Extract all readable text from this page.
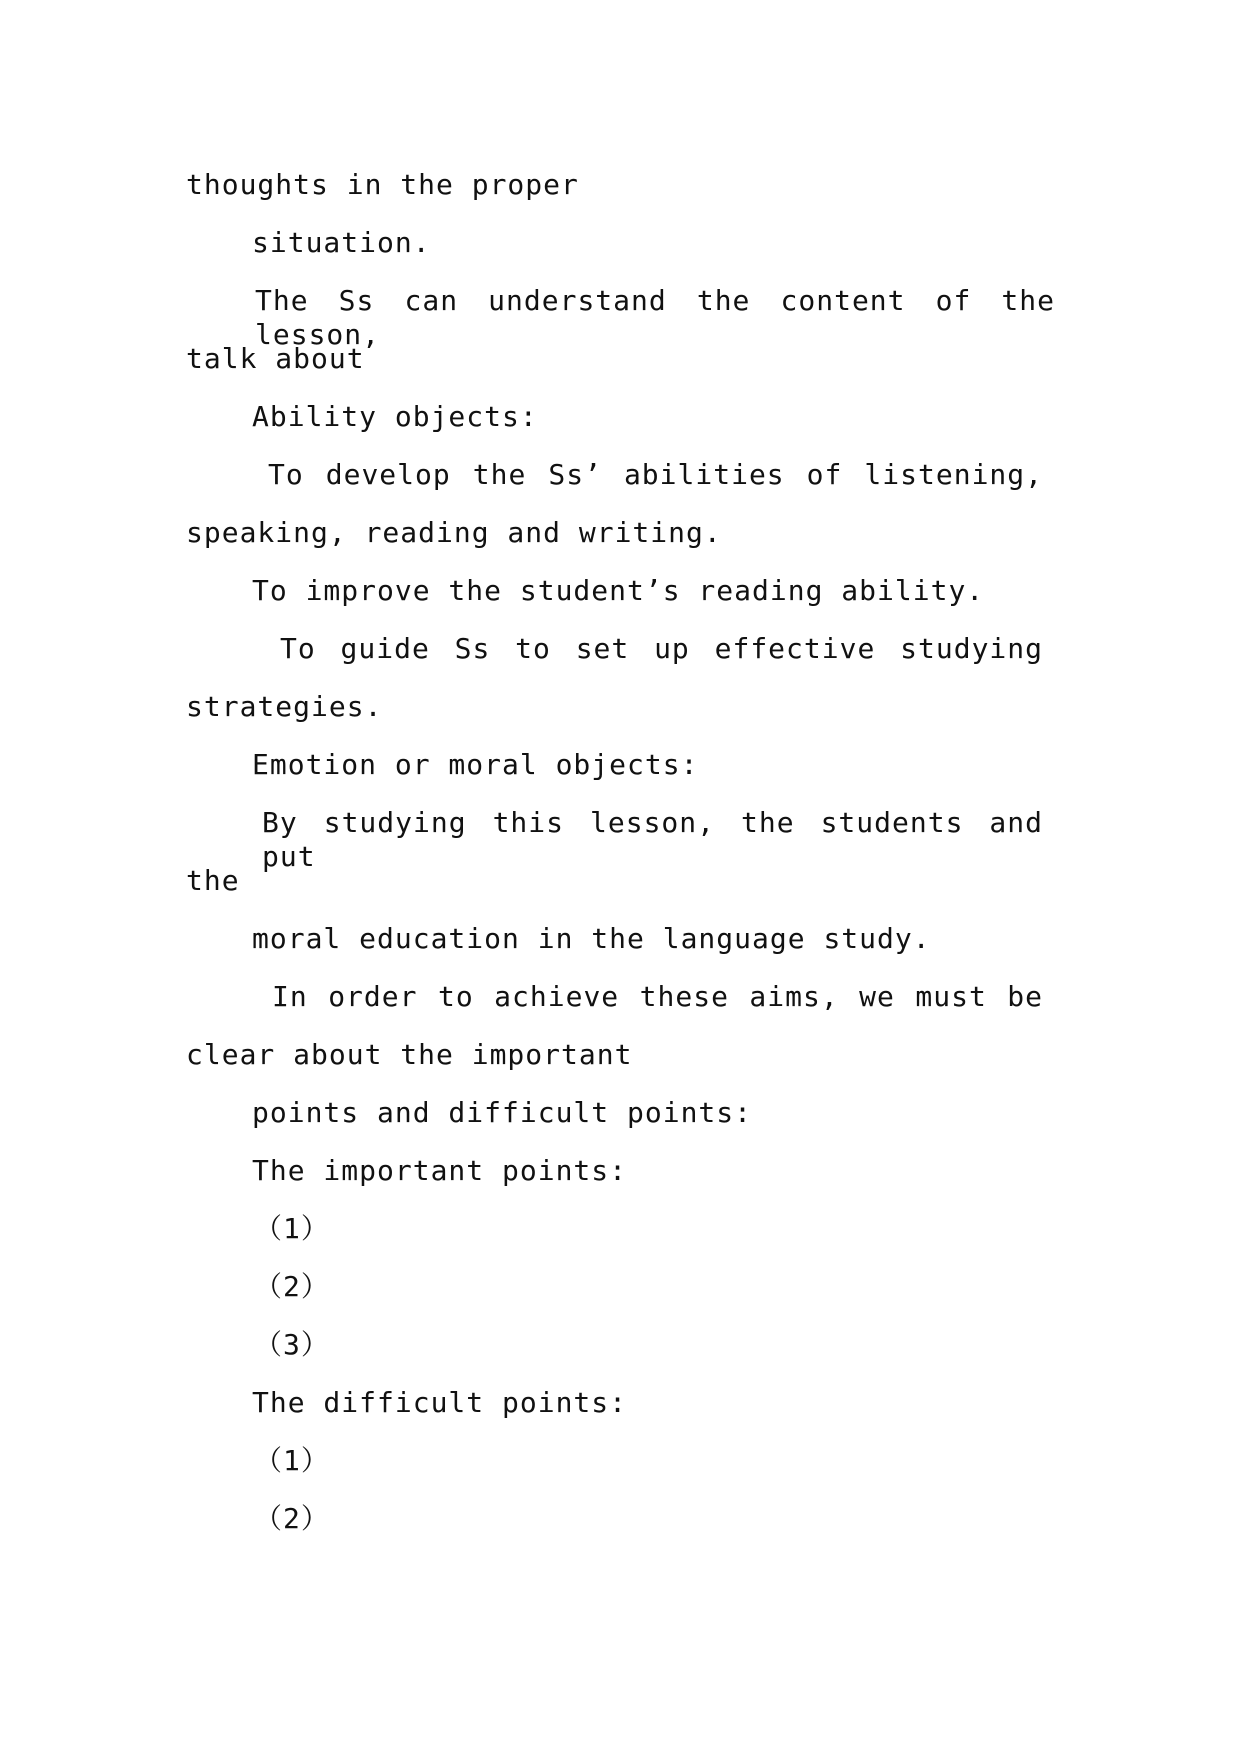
thoughts in the proper
situation.
The Ss can understand the content of the lesson,
talk about
Ability objects:
To develop the Ss’ abilities of listening,
speaking, reading and writing.
To improve the student’s reading ability.
To guide Ss to set up effective studying
strategies.
Emotion or moral objects:
By studying this lesson, the students and put
the
moral education in the language study.
In order to achieve these aims, we must be
clear about the important
points and difficult points:
The important points:
（1）
（2）
（3）
The difficult points:
（1）
（2）
